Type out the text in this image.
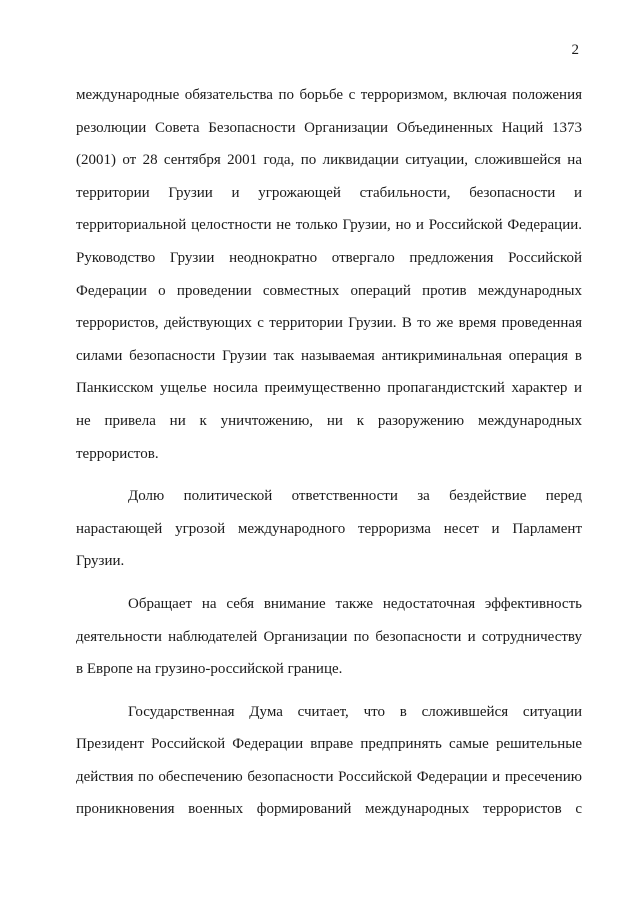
2
международные обязательства по борьбе с терроризмом, включая положения
резолюции Совета Безопасности Организации Объединенных Наций 1373
(2001) от 28 сентября 2001 года, по ликвидации ситуации, сложившейся на
территории Грузии и угрожающей стабильности, безопасности и
территориальной целостности не только Грузии, но и Российской Федерации.
Руководство Грузии неоднократно отвергало предложения Российской
Федерации о проведении совместных операций против международных
террористов, действующих с территории Грузии. В то же время проведенная
силами безопасности Грузии так называемая антикриминальная операция в
Панкисском ущелье носила преимущественно пропагандистский характер и
не привела ни к уничтожению, ни к разоружению международных
террористов.
Долю политической ответственности за бездействие перед
нарастающей угрозой международного терроризма несет и Парламент
Грузии.
Обращает на себя внимание также недостаточная эффективность
деятельности наблюдателей Организации по безопасности и сотрудничеству
в Европе на грузино-российской границе.
Государственная Дума считает, что в сложившейся ситуации
Президент Российской Федерации вправе предпринять самые решительные
действия по обеспечению безопасности Российской Федерации и пресечению
проникновения военных формирований международных террористов с
